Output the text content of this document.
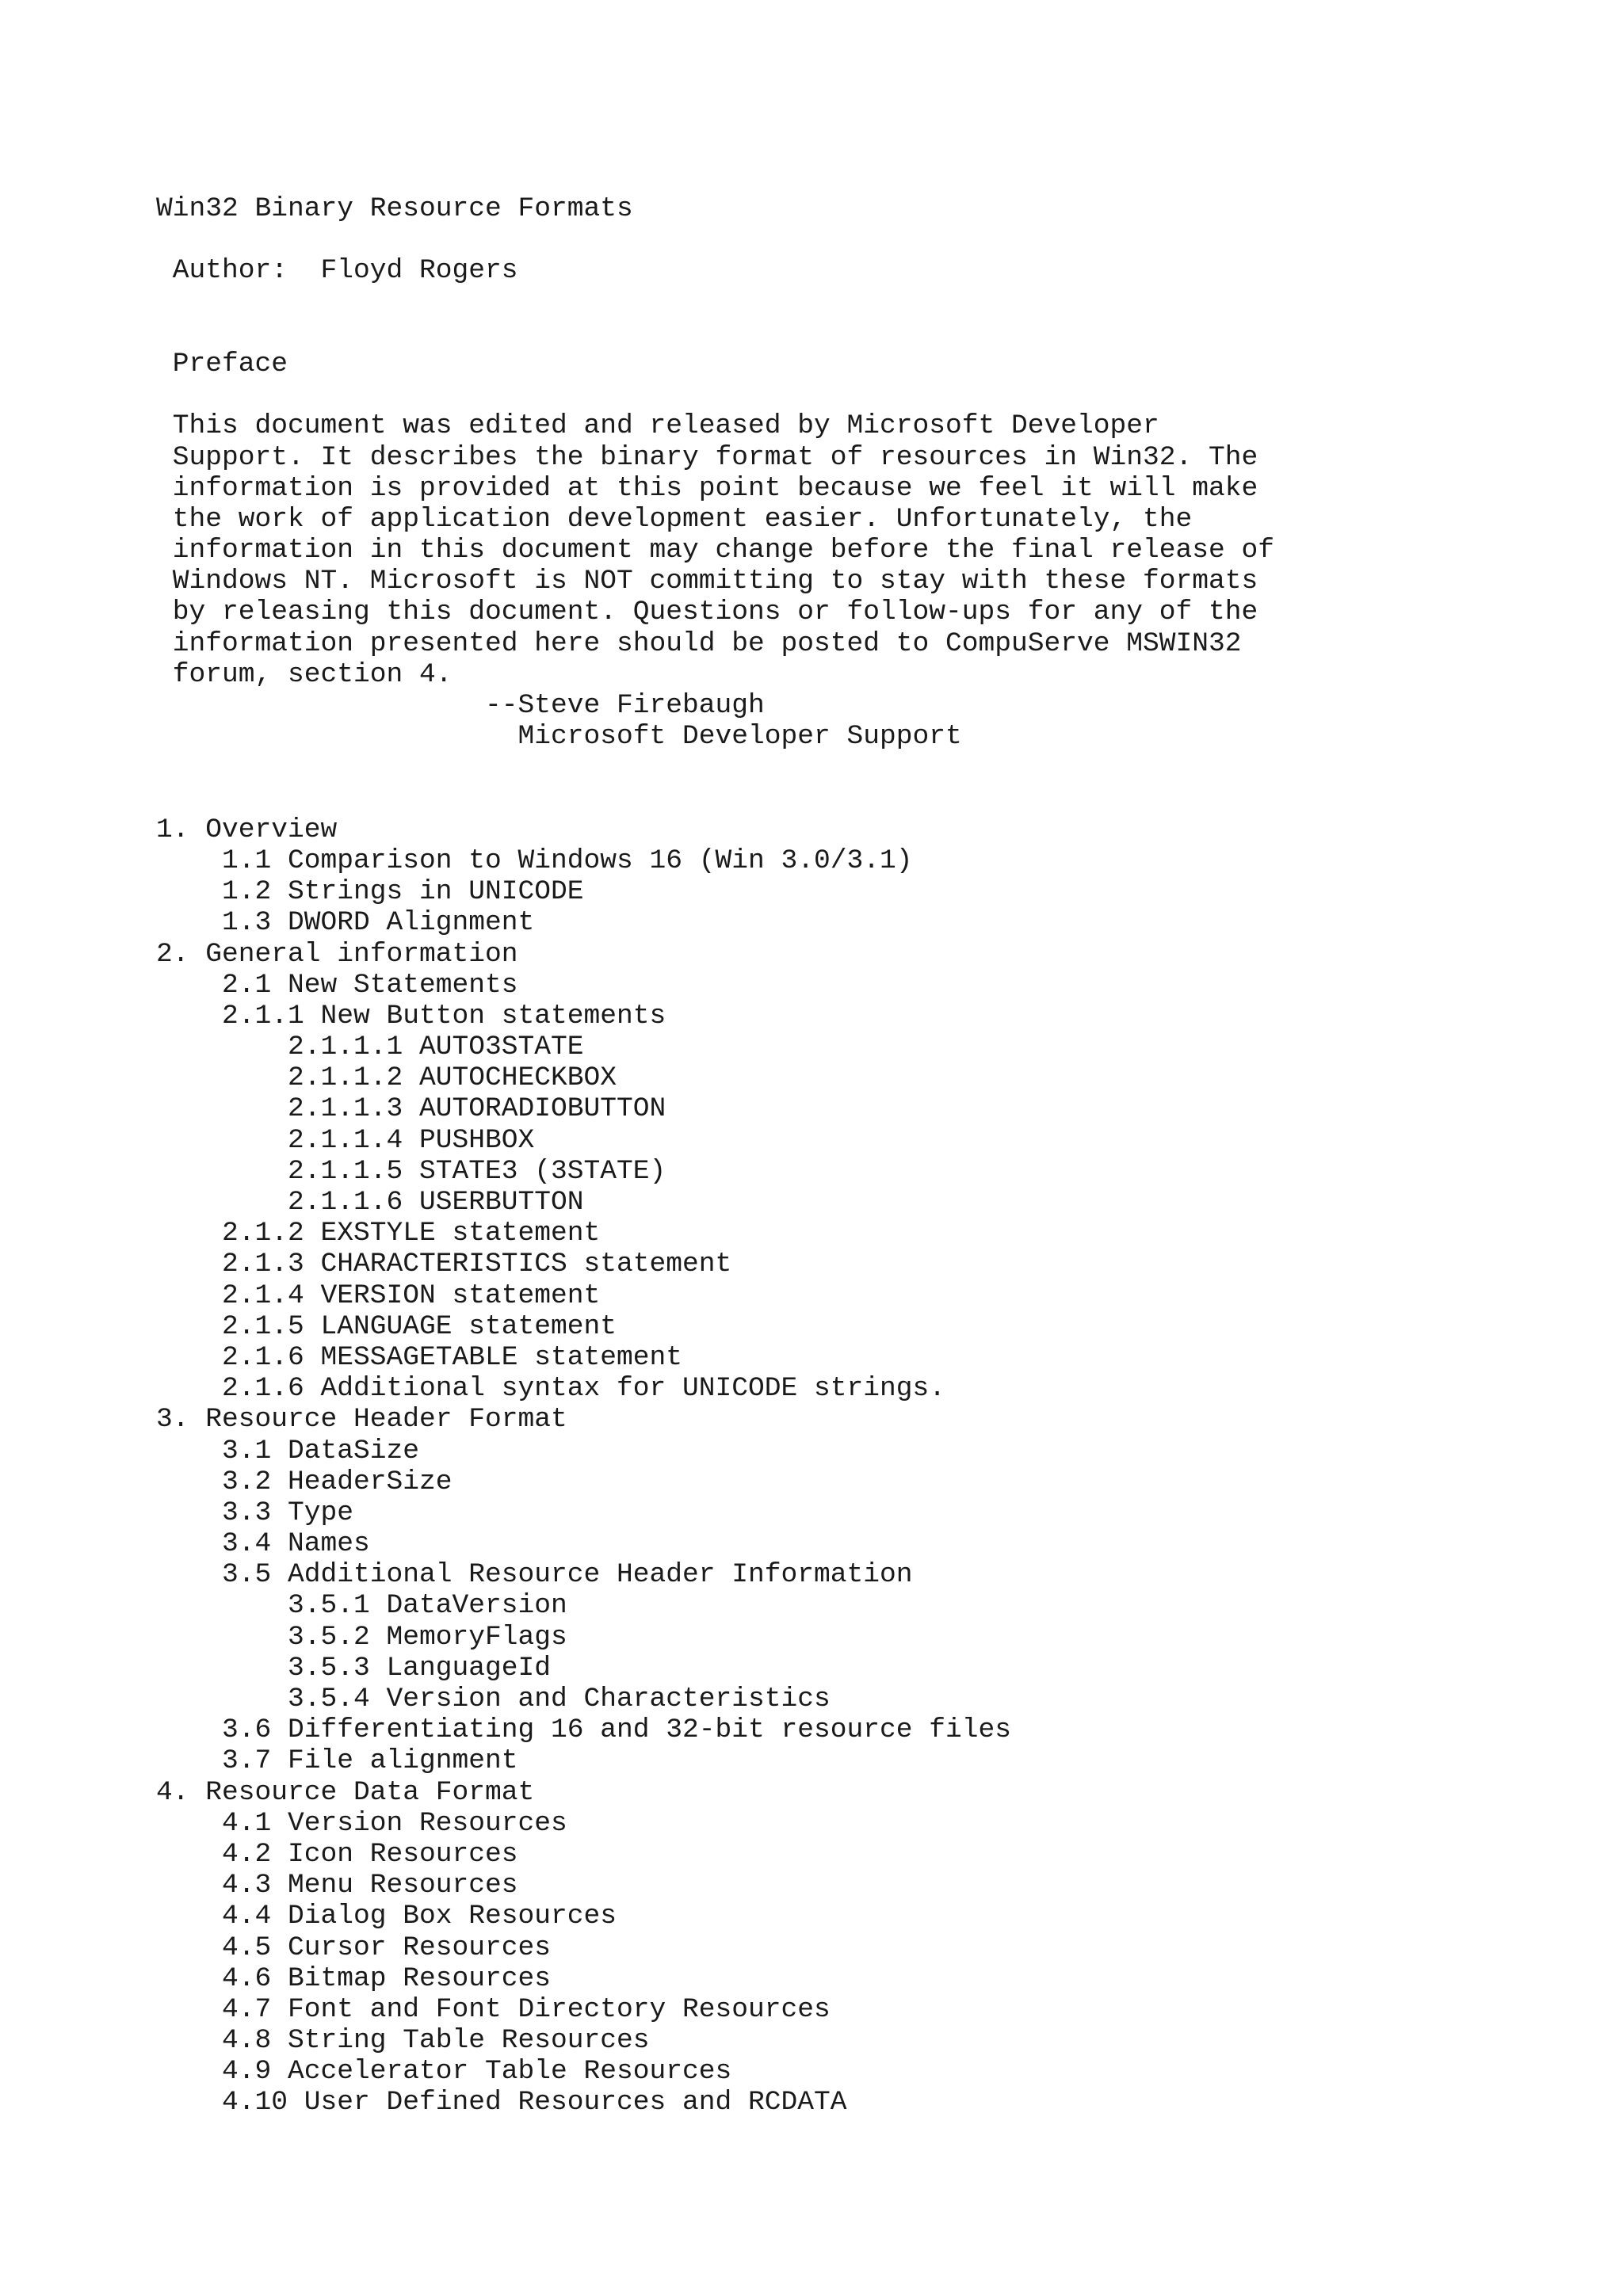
Win32 Binary Resource Formats
Author:  Floyd Rogers
Preface
This document was edited and released by Microsoft Developer
Support. It describes the binary format of resources in Win32. The
information is provided at this point because we feel it will make
the work of application development easier. Unfortunately, the
information in this document may change before the final release of
Windows NT. Microsoft is NOT committing to stay with these formats
by releasing this document. Questions or follow-ups for any of the
information presented here should be posted to CompuServe MSWIN32
forum, section 4.
--Steve Firebaugh
Microsoft Developer Support
1. Overview
1.1 Comparison to Windows 16 (Win 3.0/3.1)
1.2 Strings in UNICODE
1.3 DWORD Alignment
2. General information
2.1 New Statements
2.1.1 New Button statements
2.1.1.1 AUTO3STATE
2.1.1.2 AUTOCHECKBOX
2.1.1.3 AUTORADIOBUTTON
2.1.1.4 PUSHBOX
2.1.1.5 STATE3 (3STATE)
2.1.1.6 USERBUTTON
2.1.2 EXSTYLE statement
2.1.3 CHARACTERISTICS statement
2.1.4 VERSION statement
2.1.5 LANGUAGE statement
2.1.6 MESSAGETABLE statement
2.1.6 Additional syntax for UNICODE strings.
3. Resource Header Format
3.1 DataSize
3.2 HeaderSize
3.3 Type
3.4 Names
3.5 Additional Resource Header Information
3.5.1 DataVersion
3.5.2 MemoryFlags
3.5.3 LanguageId
3.5.4 Version and Characteristics
3.6 Differentiating 16 and 32-bit resource files
3.7 File alignment
4. Resource Data Format
4.1 Version Resources
4.2 Icon Resources
4.3 Menu Resources
4.4 Dialog Box Resources
4.5 Cursor Resources
4.6 Bitmap Resources
4.7 Font and Font Directory Resources
4.8 String Table Resources
4.9 Accelerator Table Resources
4.10 User Defined Resources and RCDATA
